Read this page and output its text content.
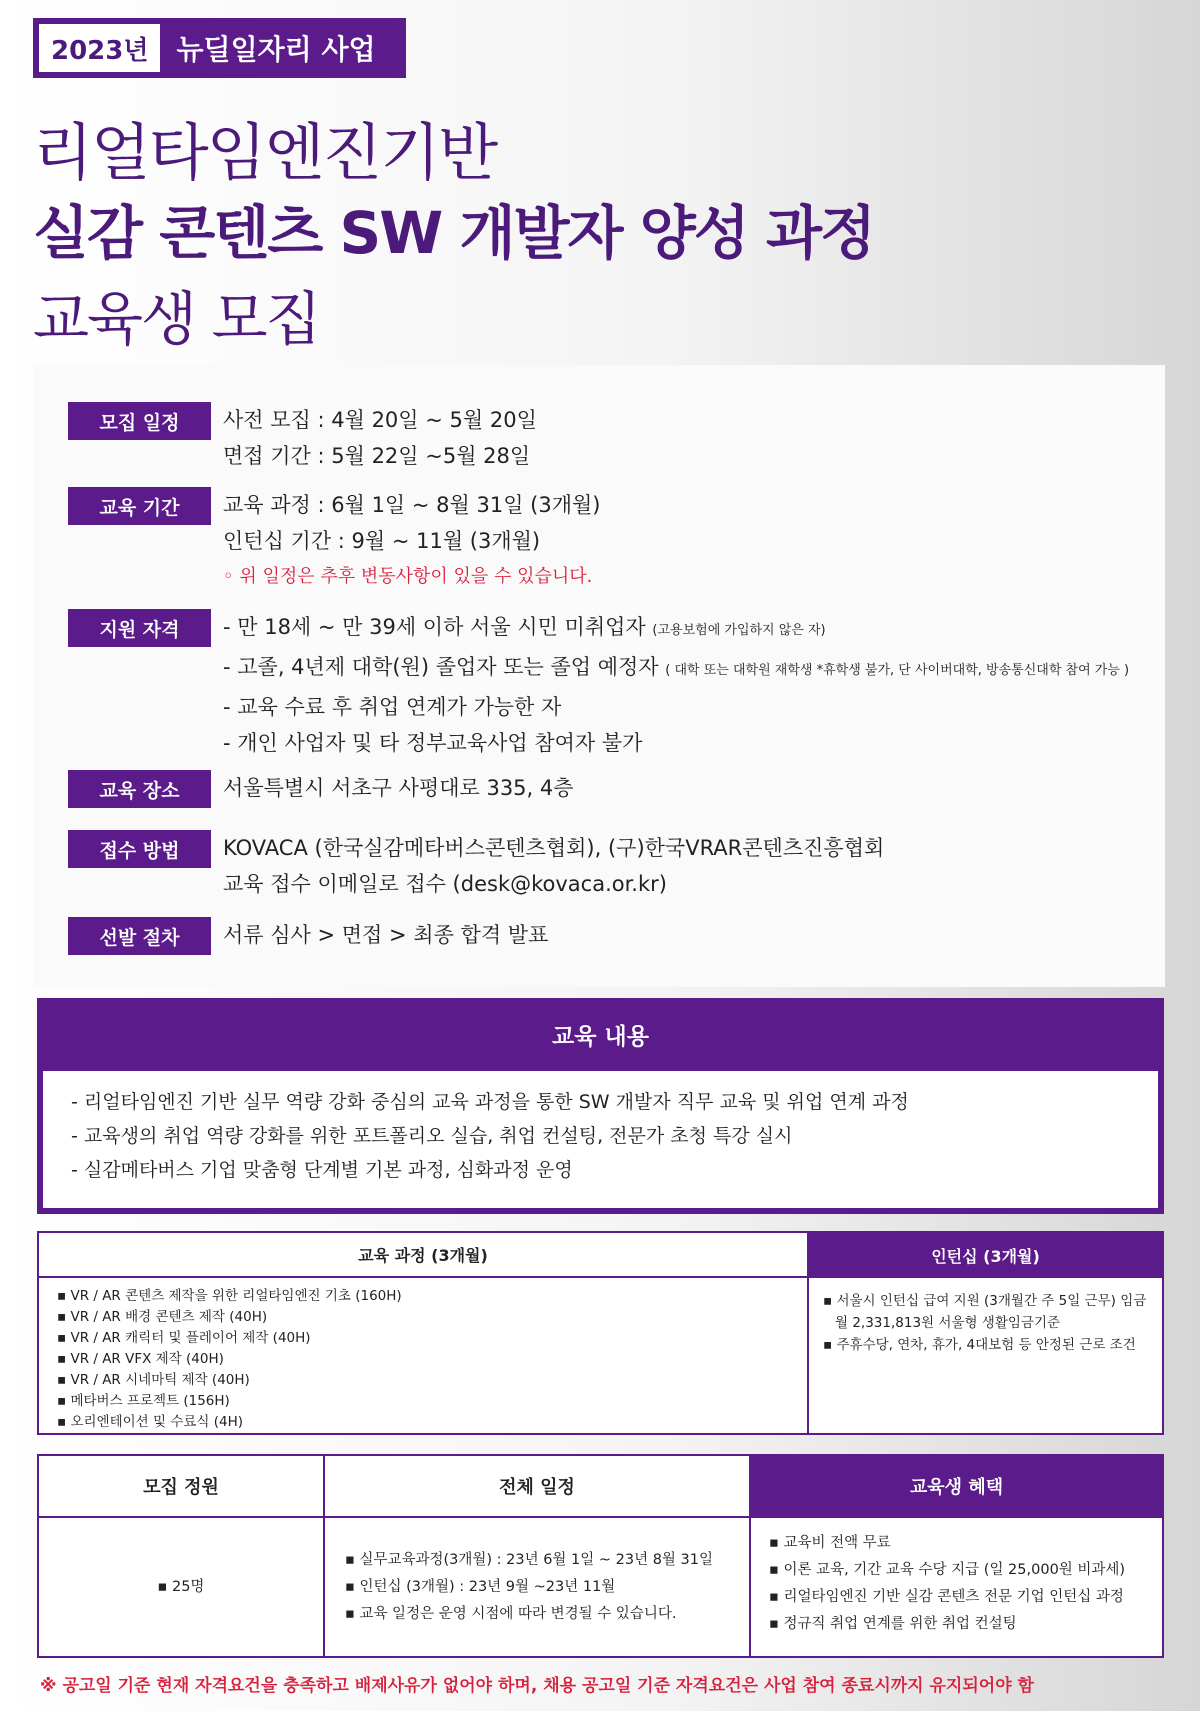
2023년	뉴딜일자리 사업
리얼타임엔진기반
실감 콘텐츠 SW 개발자 양성 과정
교육생 모집
모집 일정	사전 모집 : 4월 20일 ~ 5월 20일
면접 기간 : 5월 22일 ~5월 28일
교육 기간	교육 과정 : 6월 1일 ~ 8월 31일 (3개월)
인턴십 기간 : 9월 ~ 11월 (3개월)
◦ 위 일정은 추후 변동사항이 있을 수 있습니다.
지원 자격	- 만 18세 ~ 만 39세 이하 서울 시민 미취업자 (고용보험에 가입하지 않은 자)
- 고졸, 4년제 대학(원) 졸업자 또는 졸업 예정자 ( 대학 또는 대학원 재학생 *휴학생 불가, 단 사이버대학, 방송통신대학 참여 가능 )
- 교육 수료 후 취업 연계가 가능한 자
- 개인 사업자 및 타 정부교육사업 참여자 불가
교육 장소	서울특별시 서초구 사평대로 335, 4층
접수 방법	KOVACA (한국실감메타버스콘텐츠협회), (구)한국VRAR콘텐츠진흥협회
교육 접수 이메일로 접수 (desk@kovaca.or.kr)
선발 절차	서류 심사 > 면접 > 최종 합격 발표
교육 내용
- 리얼타임엔진 기반 실무 역량 강화 중심의 교육 과정을 통한 SW 개발자 직무 교육 및 위업 연계 과정
- 교육생의 취업 역량 강화를 위한 포트폴리오 실습, 취업 컨설팅, 전문가 초청 특강 실시
- 실감메타버스 기업 맞춤형 단계별 기본 과정, 심화과정 운영
교육 과정 (3개월)
▪ VR / AR 콘텐츠 제작을 위한 리얼타임엔진 기초 (160H)
▪ VR / AR 배경 콘텐츠 제작 (40H)
▪ VR / AR 캐릭터 및 플레이어 제작 (40H)
▪ VR / AR VFX 제작 (40H)
▪ VR / AR 시네마틱 제작 (40H)
▪ 메타버스 프로젝트 (156H)
▪ 오리엔테이션 및 수료식 (4H)
인턴십 (3개월)
▪ 서울시 인턴십 급여 지원 (3개월간 주 5일 근무) 임금 월 2,331,813원 서울형 생활임금기준
▪ 주휴수당, 연차, 휴가, 4대보험 등 안정된 근로 조건
모집 정원
▪ 25명
전체 일정
▪ 실무교육과정(3개월) : 23년 6월 1일 ~ 23년 8월 31일
▪ 인턴십 (3개월) : 23년 9월 ~23년 11월
▪ 교육 일정은 운영 시점에 따라 변경될 수 있습니다.
교육생 혜택
▪ 교육비 전액 무료
▪ 이론 교육, 기간 교육 수당 지급 (일 25,000원 비과세)
▪ 리얼타임엔진 기반 실감 콘텐츠 전문 기업 인턴십 과정
▪ 정규직 취업 연계를 위한 취업 컨설팅
※ 공고일 기준 현재 자격요건을 충족하고 배제사유가 없어야 하며, 채용 공고일 기준 자격요건은 사업 참여 종료시까지 유지되어야 함
